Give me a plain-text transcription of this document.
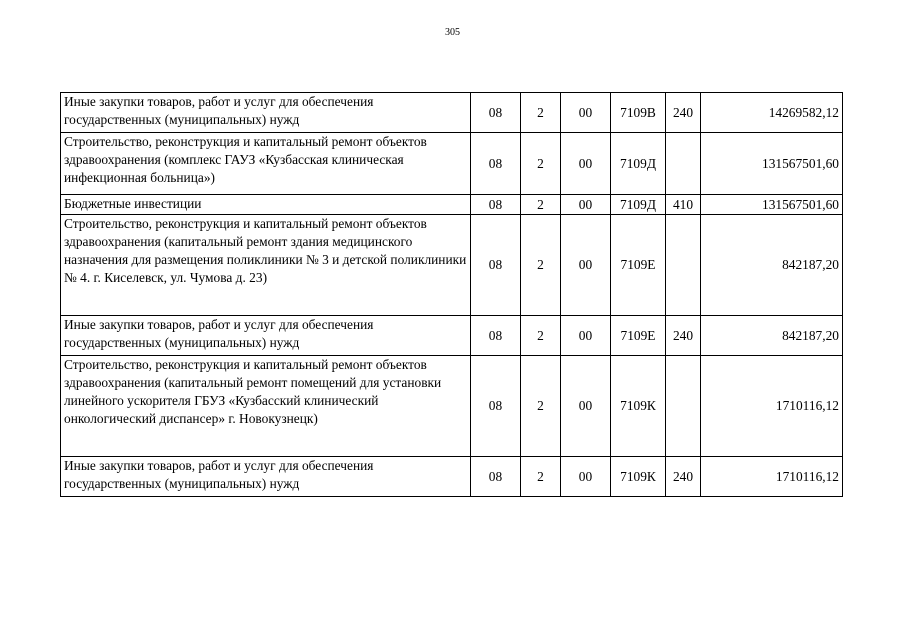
305
Иные закупки товаров, работ и услуг для обеспечения государственных (муниципальных) нужд	08	2	00	7109В	240	14269582,12
Строительство, реконструкция и капитальный ремонт объектов здравоохранения (комплекс ГАУЗ «Кузбасская клиническая инфекционная больница»)	08	2	00	7109Д		131567501,60
Бюджетные инвестиции	08	2	00	7109Д	410	131567501,60
Строительство, реконструкция и капитальный ремонт объектов здравоохранения (капитальный ремонт здания медицинского назначения для размещения поликлиники № 3 и детской поликлиники № 4. г. Киселевск, ул. Чумова д. 23)	08	2	00	7109Е		842187,20
Иные закупки товаров, работ и услуг для обеспечения государственных (муниципальных) нужд	08	2	00	7109Е	240	842187,20
Строительство, реконструкция и капитальный ремонт объектов здравоохранения (капитальный ремонт помещений для установки линейного ускорителя ГБУЗ «Кузбасский клинический онкологический диспансер» г. Новокузнецк)	08	2	00	7109К		1710116,12
Иные закупки товаров, работ и услуг для обеспечения государственных (муниципальных) нужд	08	2	00	7109К	240	1710116,12
